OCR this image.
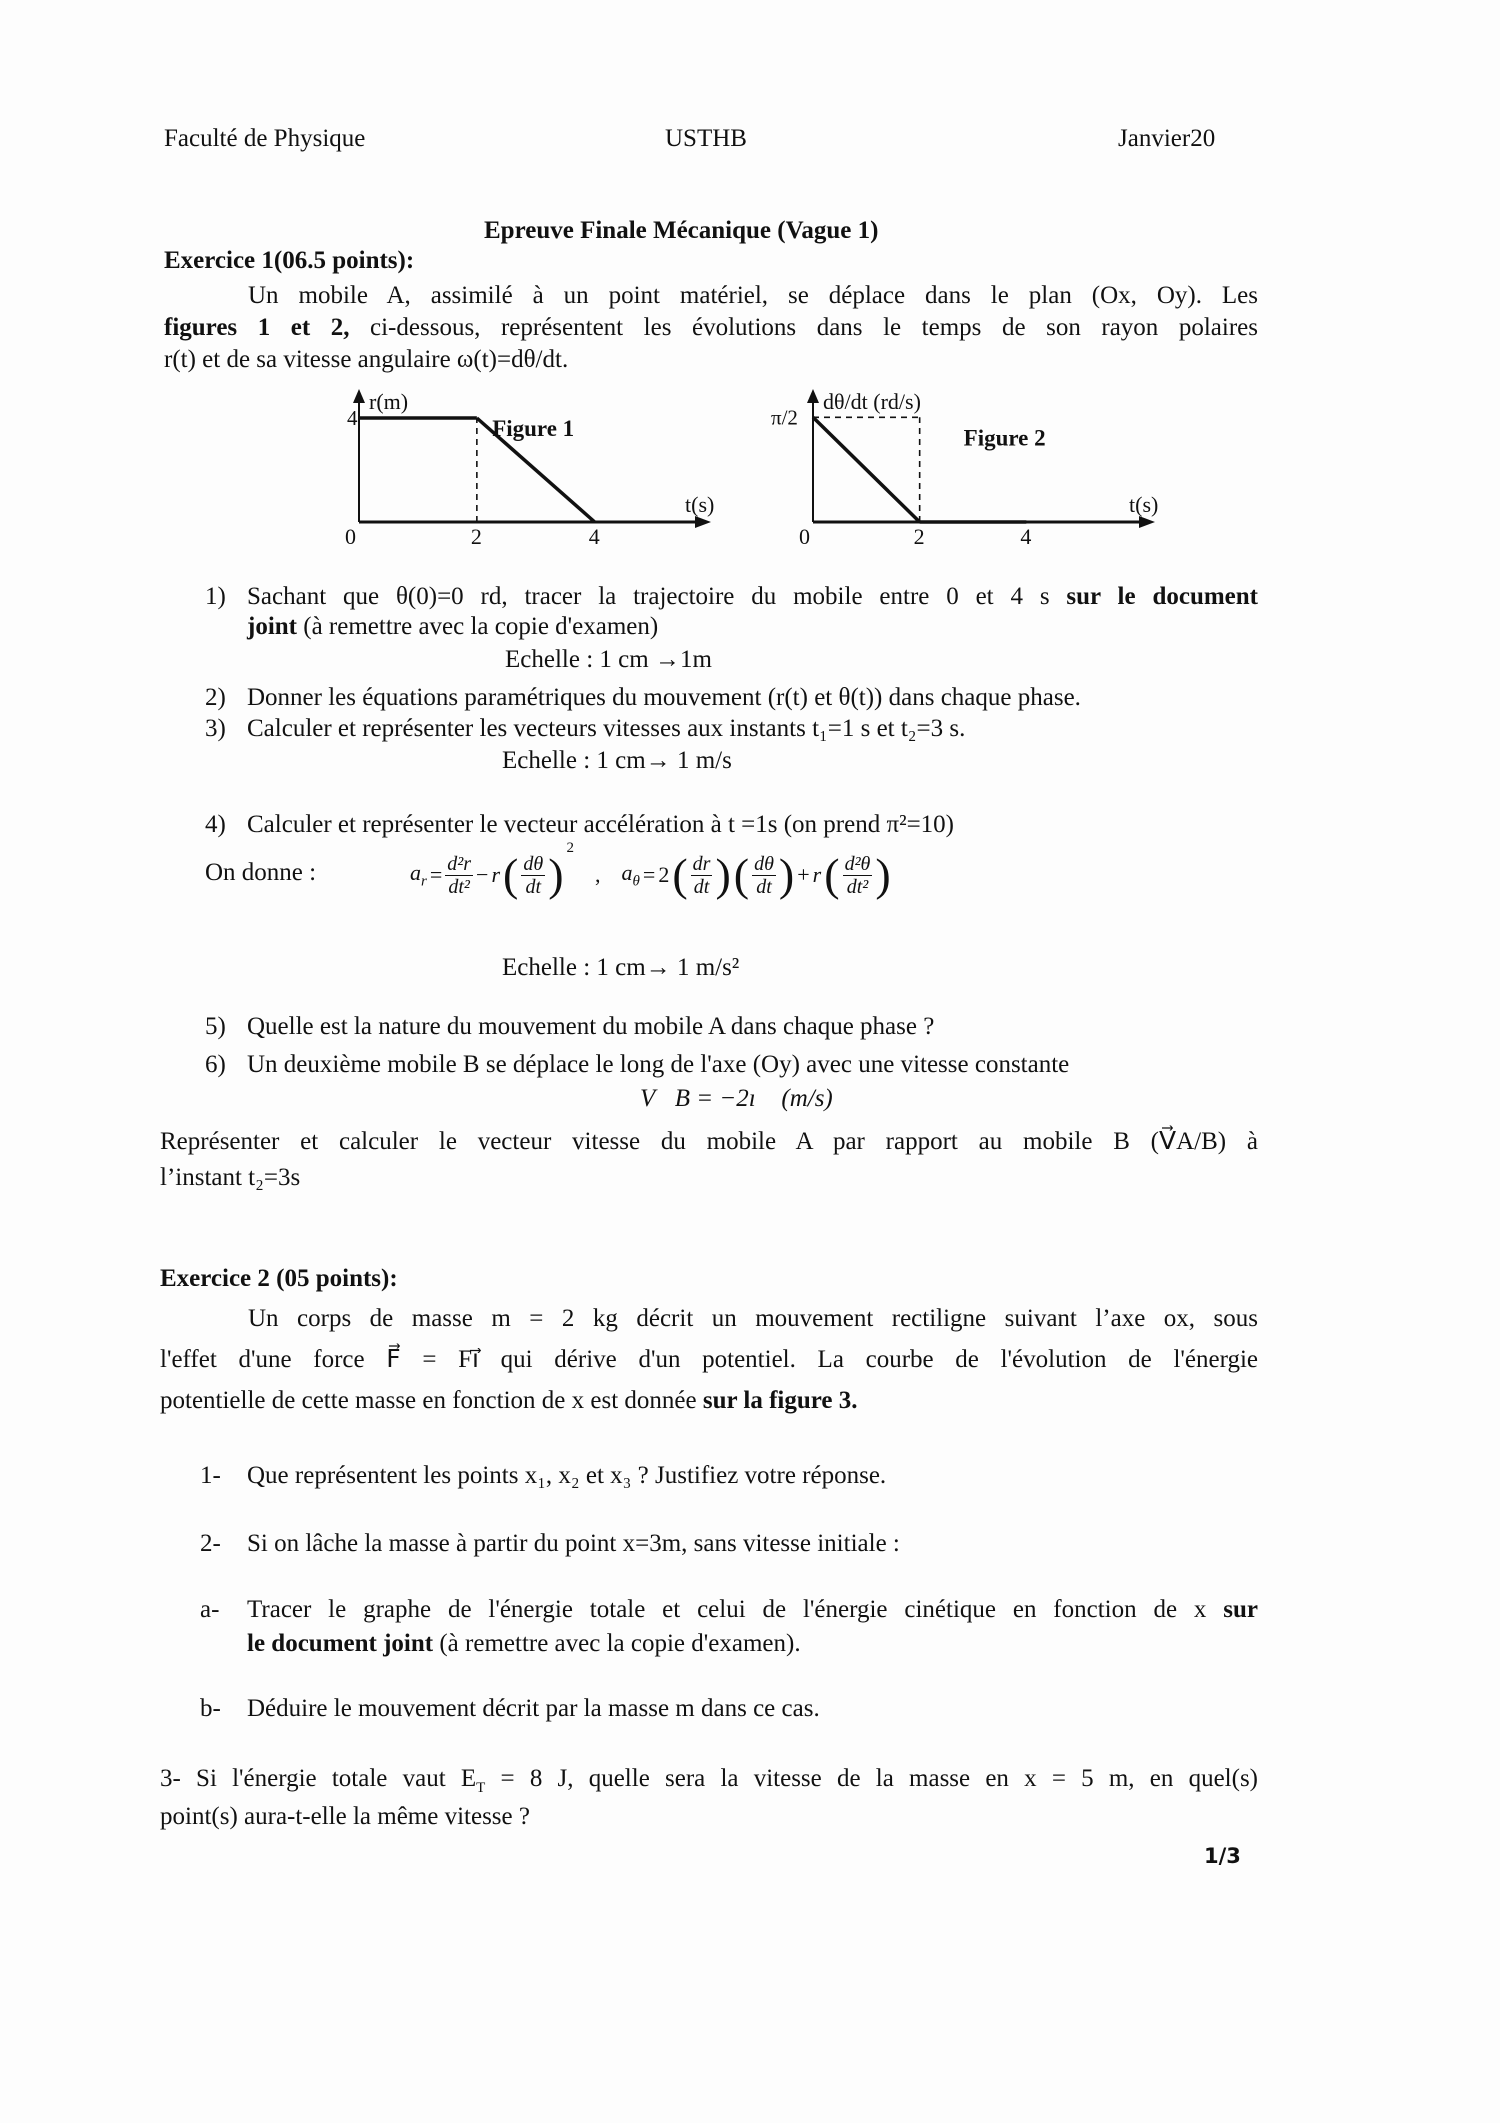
Faculté de Physique	USTHB	Janvier20
Epreuve Finale Mécanique (Vague 1)
Exercice 1(06.5 points):
Un mobile A, assimilé à un point matériel, se déplace dans le plan (Ox, Oy). Les
figures 1 et 2, ci-dessous, représentent les évolutions dans le temps de son rayon polaires
r(t) et de sa vitesse angulaire ω(t)=dθ/dt.
0	2	4
4
r(m)
t(s)
Figure 1
0	2	4
π/2
dθ/dt (rd/s)
t(s)
Figure 2
1) Sachant que θ(0)=0 rd, tracer la trajectoire du mobile entre 0 et 4 s sur le document
joint (à remettre avec la copie d'examen)
Echelle : 1 cm →1m
2) Donner les équations paramétriques du mouvement (r(t) et θ(t)) dans chaque phase.
3) Calculer et représenter les vecteurs vitesses aux instants t₁=1 s et t₂=3 s.
Echelle : 1 cm→ 1 m/s
4) Calculer et représenter le vecteur accélération à t =1s (on prend π²=10)
On donne :	$a_r = \frac{\text{d²r}}{\text{dt²}} - r$ ( $\frac{d\theta}{dt}$ )
$^2$
, $a_\theta = 2$ ( $\frac{dr}{dt}$ ) ( $\frac{d\theta}{dt}$ ) + r ( $\frac{\text{d²θ}}{\text{dt²}}$ )
Echelle : 1 cm→ 1 m/s²
5) Quelle est la nature du mouvement du mobile A dans chaque phase ?
6) Un deuxième mobile B se déplace le long de l'axe (Oy) avec une vitesse constante
V⃗B = −2ı⃗ (m/s)
Représenter et calculer le vecteur vitesse du mobile A par rapport au mobile B (V⃗A/B) à
l’instant t₂=3s
Exercice 2 (05 points):
Un corps de masse m = 2 kg décrit un mouvement rectiligne suivant l’axe ox, sous
l'effet d'une force F⃗ = Fı⃗ qui dérive d'un potentiel. La courbe de l'évolution de l'énergie
potentielle de cette masse en fonction de x est donnée sur la figure 3.
1- Que représentent les points x₁, x₂ et x₃ ? Justifiez votre réponse.
2- Si on lâche la masse à partir du point x=3m, sans vitesse initiale :
a- Tracer le graphe de l'énergie totale et celui de l'énergie cinétique en fonction de x sur
le document joint (à remettre avec la copie d'examen).
b- Déduire le mouvement décrit par la masse m dans ce cas.
3- Si l'énergie totale vaut $E_T = 8$ J, quelle sera la vitesse de la masse en x = 5 m, en quel(s)
point(s) aura-t-elle la même vitesse ?
1/3
